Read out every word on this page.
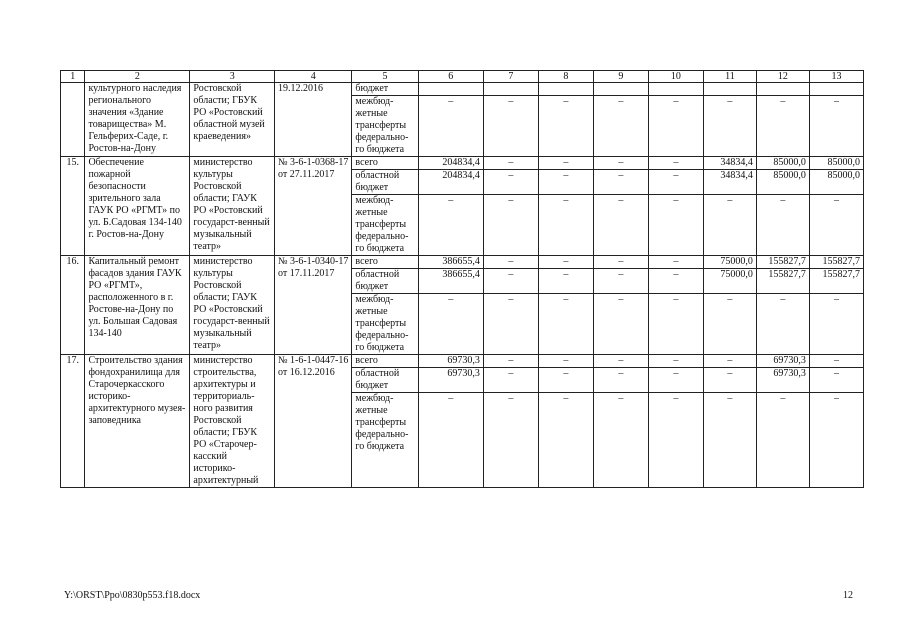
1	2	3	4	5	6	7	8	9	10	11	12	13
	культурного наследия регионального значения «Здание товарищества» М. Гельферих-Саде, г. Ростов-на-Дону	Ростовской области; ГБУК РО «Ростовский областной музей краеведения»	19.12.2016	бюджет								
				межбюд-жетные трансферты федерально-го бюджета	–	–	–	–	–	–	–	–
15.	Обеспечение пожарной безопасности зрительного зала ГАУК РО «РГМТ» по ул. Б.Садовая 134-140 г. Ростов-на-Дону	министерство культуры Ростовской области; ГАУК РО «Ростовский государст-венный музыкальный театр»	№ 3-6-1-0368-17 от 27.11.2017	всего	204834,4	–	–	–	–	34834,4	85000,0	85000,0
				областной бюджет	204834,4	–	–	–	–	34834,4	85000,0	85000,0
				межбюд-жетные трансферты федерально-го бюджета	–	–	–	–	–	–	–	–
16.	Капитальный ремонт фасадов здания ГАУК РО «РГМТ», расположенного в г. Ростове-на-Дону по ул. Большая Садовая 134-140	министерство культуры Ростовской области; ГАУК РО «Ростовский государст-венный музыкальный театр»	№ 3-6-1-0340-17 от 17.11.2017	всего	386655,4	–	–	–	–	75000,0	155827,7	155827,7
				областной бюджет	386655,4	–	–	–	–	75000,0	155827,7	155827,7
				межбюд-жетные трансферты федерально-го бюджета	–	–	–	–	–	–	–	–
17.	Строительство здания фондохранилища для Старочеркасского историко-архитектурного музея-заповедника	министерство строительства, архитектуры и территориаль-ного развития Ростовской области; ГБУК РО «Старочер-касский историко-архитектурный	№ 1-6-1-0447-16 от 16.12.2016	всего	69730,3	–	–	–	–	–	69730,3	–
				областной бюджет	69730,3	–	–	–	–	–	69730,3	–
				межбюд-жетные трансферты федерально-го бюджета	–	–	–	–	–	–	–	–
Y:\ORST\Ppo\0830p553.f18.docx	12
